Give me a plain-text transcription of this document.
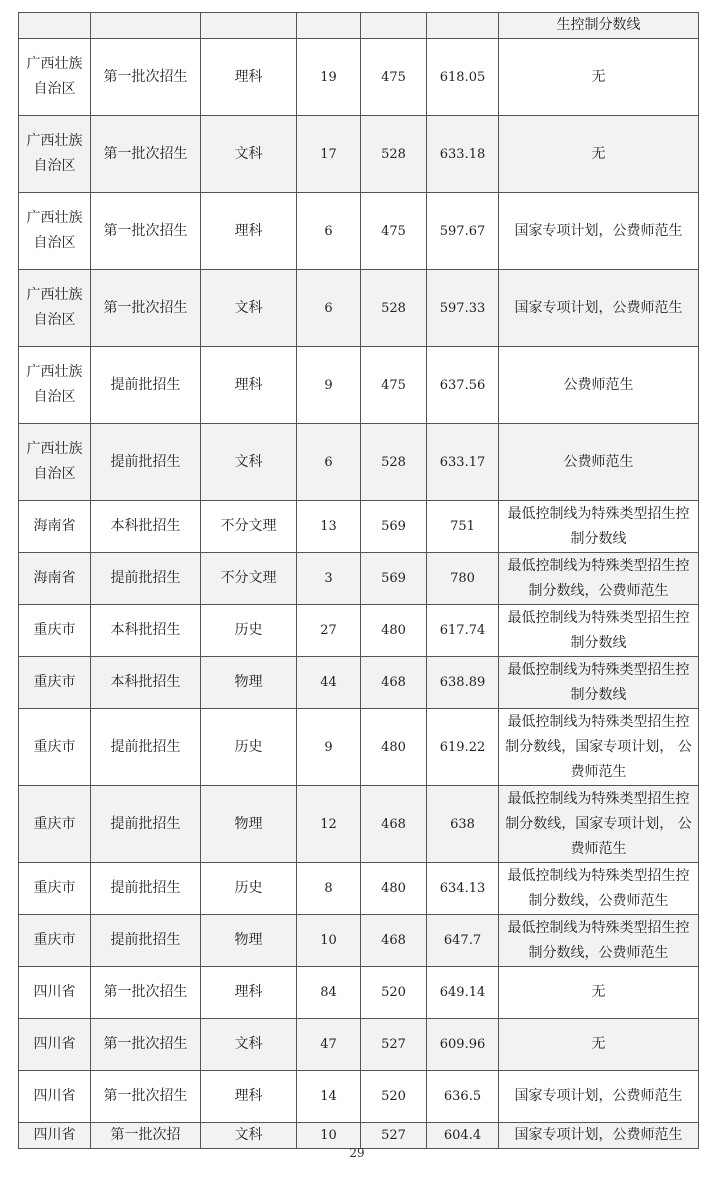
						生控制分数线
广西壮族自治区	第一批次招生	理科	19	475	618.05	无
广西壮族自治区	第一批次招生	文科	17	528	633.18	无
广西壮族自治区	第一批次招生	理科	6	475	597.67	国家专项计划，公费师范生
广西壮族自治区	第一批次招生	文科	6	528	597.33	国家专项计划，公费师范生
广西壮族自治区	提前批招生	理科	9	475	637.56	公费师范生
广西壮族自治区	提前批招生	文科	6	528	633.17	公费师范生
海南省	本科批招生	不分文理	13	569	751	最低控制线为特殊类型招生控制分数线
海南省	提前批招生	不分文理	3	569	780	最低控制线为特殊类型招生控制分数线，公费师范生
重庆市	本科批招生	历史	27	480	617.74	最低控制线为特殊类型招生控制分数线
重庆市	本科批招生	物理	44	468	638.89	最低控制线为特殊类型招生控制分数线
重庆市	提前批招生	历史	9	480	619.22	最低控制线为特殊类型招生控制分数线，国家专项计划， 公费师范生
重庆市	提前批招生	物理	12	468	638	最低控制线为特殊类型招生控制分数线，国家专项计划， 公费师范生
重庆市	提前批招生	历史	8	480	634.13	最低控制线为特殊类型招生控制分数线，公费师范生
重庆市	提前批招生	物理	10	468	647.7	最低控制线为特殊类型招生控制分数线，公费师范生
四川省	第一批次招生	理科	84	520	649.14	无
四川省	第一批次招生	文科	47	527	609.96	无
四川省	第一批次招生	理科	14	520	636.5	国家专项计划，公费师范生
四川省	第一批次招	文科	10	527	604.4	国家专项计划，公费师范生
29
